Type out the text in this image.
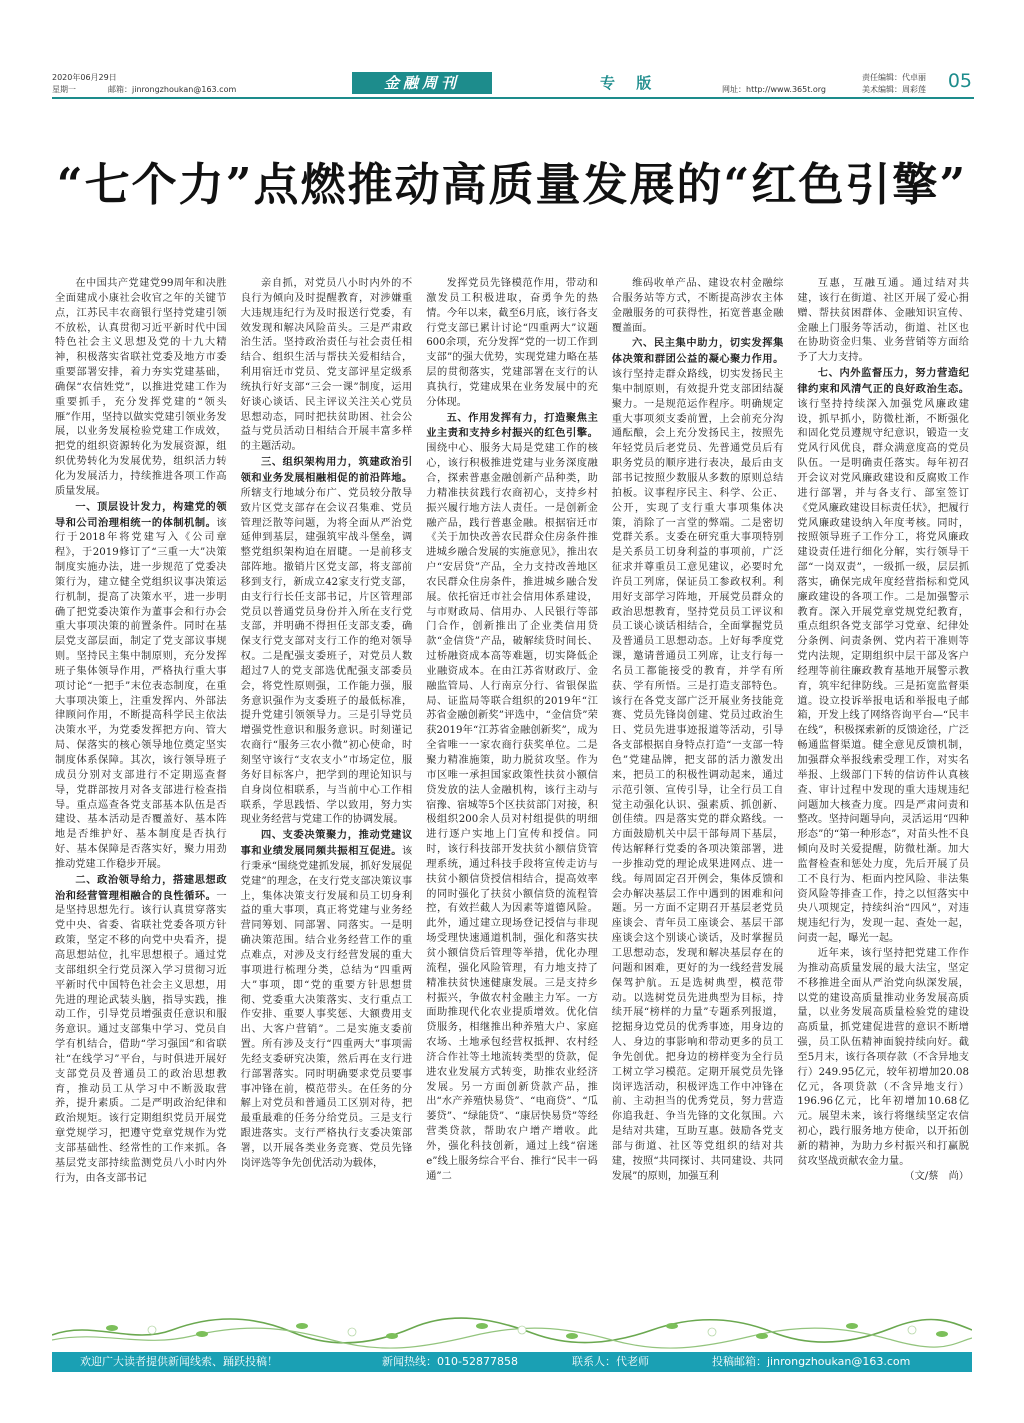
2020年06月29日
星期一	邮箱：jinrongzhoukan@163.com	金融周刊	专 版	网址：http://www.365t.org
责任编辑：代卓丽
美术编辑：周彩莲 05
“七个力”点燃推动高质量发展的“红色引擎”

在中国共产党建党99周年和决胜全面建成小康社会收官之年的关键节点，江苏民丰农商银行坚持党建引领不放松，认真贯彻习近平新时代中国特色社会主义思想及党的十九大精神，积极落实省联社党委及地方市委重要部署安排，着力夯实党建基础，确保“农信姓党”，以推进党建工作为重要抓手，充分发挥党建的“领头雁”作用，坚持以做实党建引领业务发展，以业务发展检验党建工作成效，把党的组织资源转化为发展资源，组织优势转化为发展优势，组织活力转化为发展活力，持续推进各项工作高质量发展。

一、顶层设计发力，构建党的领导和公司治理相统一的体制机制。该行于2018年将党建写入《公司章程》，于2019修订了“三重一大”决策制度实施办法，进一步规范了党委决策行为，建立健全党组织议事决策运行机制，提高了决策水平，进一步明确了把党委决策作为董事会和行办会重大事项决策的前置条件。同时在基层党支部层面，制定了党支部议事规则。坚持民主集中制原则，充分发挥班子集体领导作用，严格执行重大事项讨论“一把手”末位表态制度，在重大事项决策上，注重发挥内、外部法律顾问作用，不断提高科学民主依法决策水平，为党委发挥把方向、管大局、保落实的核心领导地位奠定坚实制度体系保障。其次，该行领导班子成员分别对支部进行不定期巡查督导，党群部按月对各支部进行检查指导。重点巡查各党支部基本队伍是否建设、基本活动是否覆盖好、基本阵地是否维护好、基本制度是否执行好、基本保障是否落实好，聚力用劲推动党建工作稳步开展。

二、政治领导给力，搭建思想政治和经营管理相融合的良性循环。一是坚持思想先行。该行认真贯穿落实党中央、省委、省联社党委各项方针政策，坚定不移的向党中央看齐，提高思想站位，扎牢思想根子。通过党支部组织全行党员深入学习贯彻习近平新时代中国特色社会主义思想，用先进的理论武装头脑，指导实践，推动工作，引导党员增强责任意识和服务意识。通过支部集中学习、党员自学有机结合，借助“学习强国”和省联社“在线学习”平台，与时俱进开展好支部党员及普通员工的政治思想教育，推动员工从学习中不断汲取营养，提升素质。二是严明政治纪律和政治规矩。该行定期组织党员开展党章党规学习，把遵守党章党规作为党支部基础性、经常性的工作来抓。各基层党支部持续监测党员八小时内外行为，由各支部书记

亲自抓，对党员八小时内外的不良行为倾向及时提醒教育，对涉嫌重大违规违纪行为及时报送行党委，有效发现和解决风险苗头。三是严肃政治生活。坚持政治责任与社会责任相结合、组织生活与帮扶关爱相结合，利用宿迁市党员、党支部评星定级系统执行好支部“三会一课”制度，运用好谈心谈话、民主评议关注关心党员思想动态，同时把扶贫助困、社会公益与党员活动日相结合开展丰富多样的主题活动。

三、组织架构用力，筑建政治引领和业务发展相融相促的前沿阵地。所辖支行地域分布广、党员较分散导致片区党支部存在会议召集难、党员管理泛散等问题，为将全面从严治党延伸到基层，建强筑牢战斗堡垒，调整党组织架构迫在眉睫。一是前移支部阵地。撤销片区党支部，将支部前移到支行，新成立42家支行党支部，由支行行长任支部书记，片区管理部党员以普通党员身份并入所在支行党支部，并明确不得担任支部支委，确保支行党支部对支行工作的绝对领导权。二是配强支委班子，对党员人数超过7人的党支部选优配强支部委员会，将党性原则强，工作能力强，服务意识强作为支委班子的最低标准，提升党建引领领导力。三是引导党员增强党性意识和服务意识。时刻谨记农商行“服务三农小微”初心使命，时刻坚守该行“支农支小”市场定位，服务好目标客户，把学到的理论知识与自身岗位相联系，与当前中心工作相联系，学思践悟、学以致用，努力实现业务经营与党建工作的协调发展。

四、支委决策聚力，推动党建议事和业绩发展同频共振相互促进。该行秉承“围绕党建抓发展，抓好发展促党建”的理念，在支行党支部决策议事上，集体决策支行发展和员工切身利益的重大事项，真正将党建与业务经营同筹划、同部署、同落实。一是明确决策范围。结合业务经营工作的重点难点，对涉及支行经营发展的重大事项进行梳理分类，总结为“四重两大”事项，即“党的重要方针思想贯彻、党委重大决策落实、支行重点工作安排、重要人事奖惩、大额费用支出、大客户营销”。二是实施支委前置。所有涉及支行“四重两大”事项需先经支委研究决策，然后再在支行进行部署落实。同时明确要求党员要事事冲锋在前，模范带头。在任务的分解上对党员和普通员工区别对待，把最重最难的任务分给党员。三是支行跟进落实。支行严格执行支委决策部署，以开展各类业务竞赛、党员先锋岗评选等争先创优活动为载体，

发挥党员先锋模范作用，带动和激发员工积极进取，奋勇争先的热情。今年以来，截至6月底，该行各支行党支部已累计讨论“四重两大”议题600余项，充分发挥“党的一切工作到支部”的强大优势，实现党建力略在基层的贯彻落实，党建部署在支行的认真执行，党建成果在业务发展中的充分体现。

五、作用发挥有力，打造聚焦主业主责和支持乡村振兴的红色引擎。围绕中心、服务大局是党建工作的核心，该行积极推进党建与业务深度融合，探索普惠金融创新产品种类，助力精准扶贫践行农商初心，支持乡村振兴履行地方法人责任。一是创新金融产品，践行普惠金融。根据宿迁市《关于加快改善农民群众住房条件推进城乡融合发展的实施意见》，推出农户“安居贷”产品，全力支持改善地区农民群众住房条件，推进城乡融合发展。依托宿迁市社会信用体系建设，与市财政局、信用办、人民银行等部门合作，创新推出了企业类信用贷款“金信贷”产品，破解续贷时间长、过桥融资成本高等难题，切实降低企业融资成本。在由江苏省财政厅、金融监管局、人行南京分行、省银保监局、证监局等联合组织的2019年“江苏省金融创新奖”评选中，“金信贷”荣获2019年“江苏省金融创新奖”，成为全省唯一一家农商行获奖单位。二是聚力精准施策，助力脱贫攻坚。作为市区唯一承担国家政策性扶贫小额信贷发放的法人金融机构，该行主动与宿豫、宿城等5个区扶贫部门对接，积极组织200余人员对村组提供的明细进行逐户实地上门宣传和授信。同时，该行科技部开发扶贫小额信贷管理系统，通过科技手段将宣传走访与扶贫小额信贷授信相结合，提高效率的同时强化了扶贫小额信贷的流程管控，有效拦截人为因素等道德风险。此外，通过建立现场登记授信与非现场受理快速通道机制，强化和落实扶贫小额信贷后管理等举措，优化办理流程，强化风险管理，有力地支持了精准扶贫快速健康发展。三是支持乡村振兴，争做农村金融主力军。一方面助推现代化农业提质增效。优化信贷服务，相继推出种养殖大户、家庭农场、土地承包经营权抵押、农村经济合作社等土地流转类型的贷款，促进农业发展方式转变，助推农业经济发展。另一方面创新贷款产品，推出“水产养殖快易贷”、“电商贷”、“瓜蒌贷”、“绿能贷”、“康居快易贷”等经营类贷款，帮助农户增产增收。此外，强化科技创新，通过上线“宿迷e”线上服务综合平台、推行“民丰一码通”二

维码收单产品、建设农村金融综合服务站等方式，不断提高涉农主体金融服务的可获得性，拓宽普惠金融覆盖面。

六、民主集中助力，切实发挥集体决策和群团公益的凝心聚力作用。该行坚持走群众路线，切实发扬民主集中制原则，有效提升党支部团结凝聚力。一是规范运作程序。明确规定重大事项须支委前置，上会前充分沟通酝酿，会上充分发扬民主，按照先年轻党员后老党员、先普通党员后有职务党员的顺序进行表决，最后由支部书记按照少数服从多数的原则总结拍板。议事程序民主、科学、公正、公开，实现了支行重大事项集体决策，消除了一言堂的弊端。二是密切党群关系。支委在研究重大事项特别是关系员工切身利益的事项前，广泛征求并尊重员工意见建议，必要时允许员工列席，保证员工参政权利。利用好支部学习阵地，开展党员群众的政治思想教育，坚持党员员工评议和员工谈心谈话相结合，全面掌握党员及普通员工思想动态。上好每季度党课，邀请普通员工列席，让支行每一名员工都能接受的教育，并学有所获、学有所悟。三是打造支部特色。该行在各党支部广泛开展业务技能竞赛、党员先锋岗创建、党员过政治生日、党员先进事迹报道等活动，引导各支部根据自身特点打造“一支部一特色”党建品牌，把支部的活力激发出来，把员工的积极性调动起来，通过示范引领、宣传引导，让全行员工自觉主动强化认识、强素质、抓创新、创佳绩。四是落实党的群众路线。一方面鼓励机关中层干部每周下基层，传达解释行党委的各项决策部署，进一步推动党的理论成果进网点、进一线。每周固定召开例会，集体反馈和会办解决基层工作中遇到的困难和问题。另一方面不定期召开基层老党员座谈会、青年员工座谈会、基层干部座谈会这个别谈心谈话，及时掌握员工思想动态，发现和解决基层存在的问题和困难，更好的为一线经营发展保驾护航。五是选树典型，模范带动。以选树党员先进典型为目标，持续开展“榜样的力量”专题系列报道，挖掘身边党员的优秀事迹，用身边的人、身边的事影响和带动更多的员工争先创优。把身边的榜样变为全行员工树立学习模范。定期开展党员先锋岗评选活动，积极评选工作中冲锋在前、主动担当的优秀党员，努力营造你追我赶、争当先锋的文化氛围。六是结对共建，互助互惠。鼓励各党支部与街道、社区等党组织的结对共建，按照“共同探讨、共同建设、共同发展”的原则，加强互利

互惠，互融互通。通过结对共建，该行在街道、社区开展了爱心捐赠、帮扶贫困群体、金融知识宣传、金融上门服务等活动，街道、社区也在协助资金归集、业务营销等方面给予了大力支持。

七、内外监督压力，努力营造纪律约束和风清气正的良好政治生态。该行坚持持续深入加强党风廉政建设，抓早抓小，防微杜渐，不断强化和固化党员遵规守纪意识，锻造一支党风行风优良，群众满意度高的党员队伍。一是明确责任落实。每年初召开会议对党风廉政建设和反腐败工作进行部署，并与各支行、部室签订《党风廉政建设目标责任状》，把履行党风廉政建设纳入年度考核。同时，按照领导班子工作分工，将党风廉政建设责任进行细化分解，实行领导干部“一岗双责”，一级抓一级，层层抓落实，确保完成年度经营指标和党风廉政建设的各项工作。二是加强警示教育。深入开展党章党规党纪教育，重点组织各党支部学习党章、纪律处分条例、问责条例、党内若干准则等党内法规，定期组织中层干部及客户经理等前往廉政教育基地开展警示教育，筑牢纪律防线。三是拓宽监督渠道。设立投诉举报电话和举报电子邮箱，开发上线了网络咨询平台—“民丰在线”，积极探索新的反馈途径，广泛畅通监督渠道。健全意见反馈机制，加强群众举报线索受理工作，对实名举报、上级部门下转的信访件认真核查、审计过程中发现的重大违规违纪问题加大核查力度。四是严肃问责和整改。坚持问题导向，灵活运用“四种形态”的“第一种形态”，对苗头性不良倾向及时关爱提醒，防微杜渐。加大监督检查和惩处力度，先后开展了员工不良行为、柜面内控风险、非法集资风险等排查工作，持之以恒落实中央八项规定，持续纠治“四风”，对违规违纪行为，发现一起、查处一起，问责一起，曝光一起。

近年来，该行坚持把党建工作作为推动高质量发展的最大法宝，坚定不移推进全面从严治党向纵深发展，以党的建设高质量推动业务发展高质量，以业务发展高质量检验党的建设高质量，抓党建促进营的意识不断增强，员工队伍精神面貌持续向好。截至5月末，该行各项存款（不含异地支行）249.95亿元，较年初增加20.08亿元，各项贷款（不含异地支行）196.96亿元，比年初增加10.68亿元。展望未来，该行将继续坚定农信初心，践行服务地方使命，以开拓创新的精神，为助力乡村振兴和打赢脱贫攻坚战贡献农金力量。

（文/蔡　尚）

欢迎广大读者提供新闻线索、踊跃投稿！	新闻热线：010-52877858	联系人：代老师	投稿邮箱：jinrongzhoukan@163.com
